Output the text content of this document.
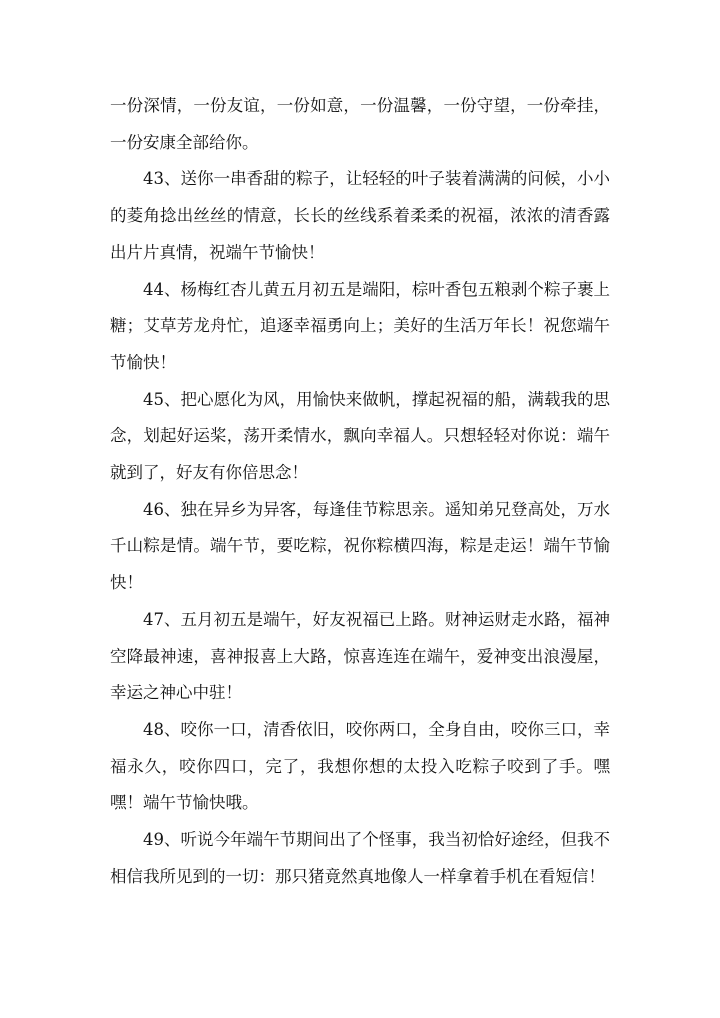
一份深情，一份友谊，一份如意，一份温馨，一份守望，一份牵挂，一份安康全部给你。

43、送你一串香甜的粽子，让轻轻的叶子装着满满的问候，小小的菱角捻出丝丝的情意，长长的丝线系着柔柔的祝福，浓浓的清香露出片片真情，祝端午节愉快！

44、杨梅红杏儿黄五月初五是端阳，棕叶香包五粮剥个粽子裹上糖；艾草芳龙舟忙，追逐幸福勇向上；美好的生活万年长！祝您端午节愉快！

45、把心愿化为风，用愉快来做帆，撑起祝福的船，满载我的思念，划起好运桨，荡开柔情水，飘向幸福人。只想轻轻对你说：端午就到了，好友有你倍思念！

46、独在异乡为异客，每逢佳节粽思亲。遥知弟兄登高处，万水千山粽是情。端午节，要吃粽，祝你粽横四海，粽是走运！端午节愉快！

47、五月初五是端午，好友祝福已上路。财神运财走水路，福神空降最神速，喜神报喜上大路，惊喜连连在端午，爱神变出浪漫屋，幸运之神心中驻！

48、咬你一口，清香依旧，咬你两口，全身自由，咬你三口，幸福永久，咬你四口，完了，我想你想的太投入吃粽子咬到了手。嘿嘿！端午节愉快哦。

49、听说今年端午节期间出了个怪事，我当初恰好途经，但我不相信我所见到的一切：那只猪竟然真地像人一样拿着手机在看短信！
